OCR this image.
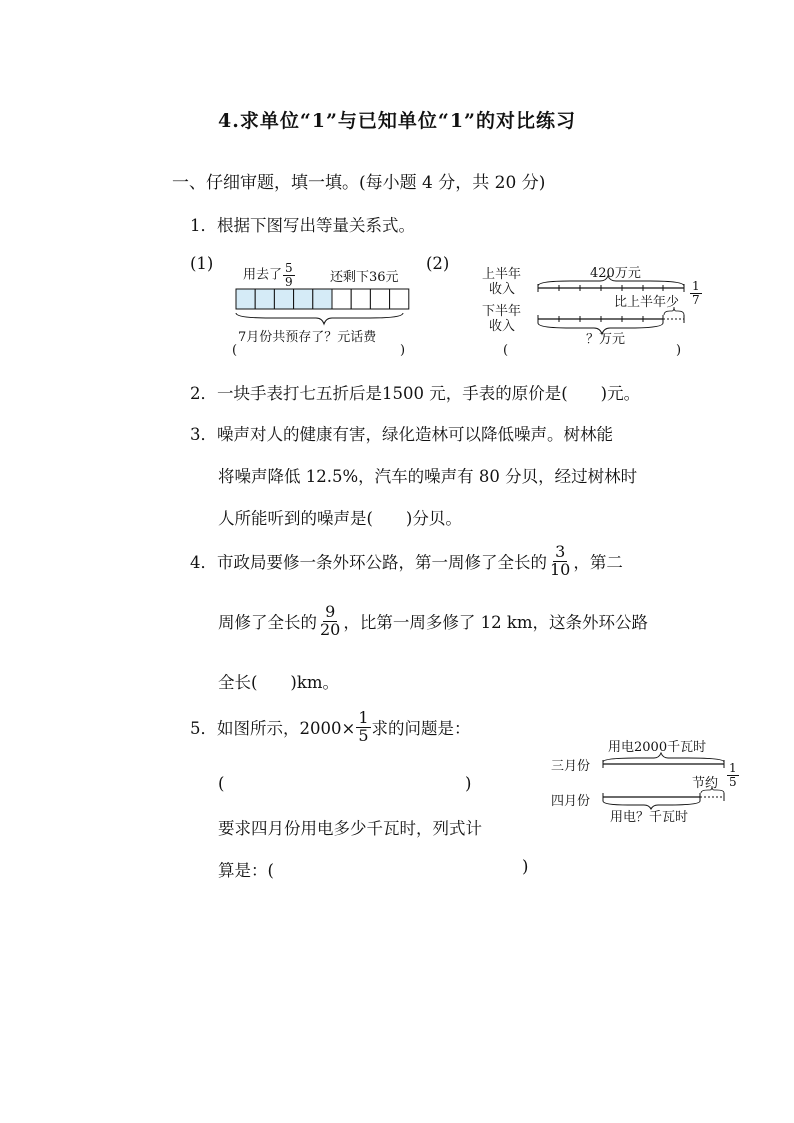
4.求单位“1”与已知单位“1”的对比练习
一、仔细审题，填一填。(每小题 4 分，共 20 分)
1．根据下图写出等量关系式。
(1)
用去了 $\frac{5}{9}$	还剩下36元
7月份共预存了？元话费
(	)
(2)
上半年
收入
下半年
收入
420万元
比上半年少 $\frac{1}{7}$
？万元
(	)
2．一块手表打七五折后是1500 元，手表的原价是(　　)元。
3．噪声对人的健康有害，绿化造林可以降低噪声。树林能
将噪声降低 12.5%，汽车的噪声有 80 分贝，经过树林时
人所能听到的噪声是(　　)分贝。
4．市政局要修一条外环公路，第一周修了全长的 $\frac{3}{10}$ ，第二
周修了全长的 $\frac{9}{20}$ ，比第一周多修了 12 km，这条外环公路
全长(　　)km。
5．如图所示，$2000\times \frac{1}{5}$ 求的问题是：
(	)
要求四月份用电多少千瓦时，列式计
算是：(	)
用电2000千瓦时
三月份
四月份
节约 $\frac{1}{5}$
用电？千瓦时
